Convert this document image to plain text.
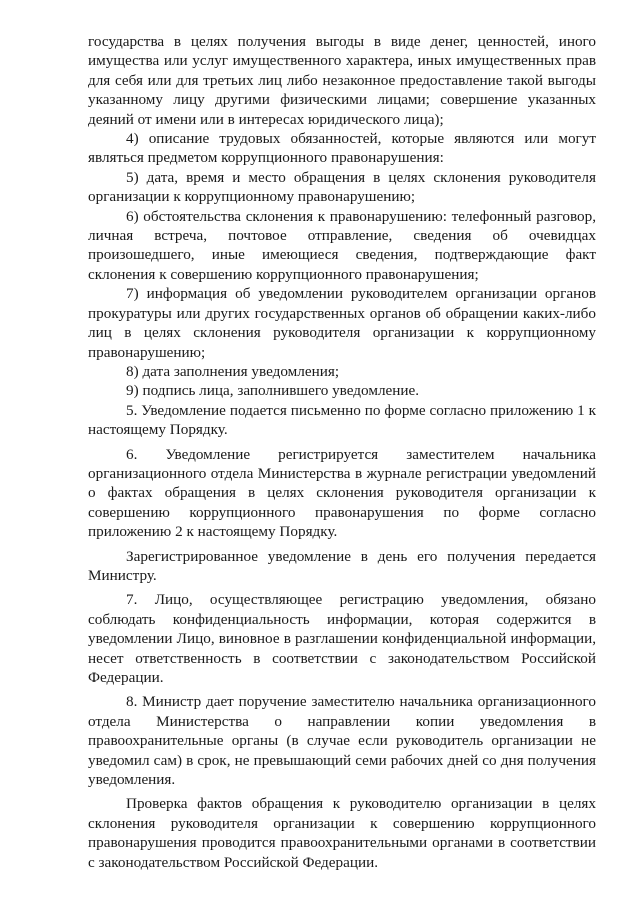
государства в целях получения выгоды в виде денег, ценностей, иного имущества или услуг имущественного характера, иных имущественных прав для себя или для третьих лиц либо незаконное предоставление такой выгоды указанному лицу другими физическими лицами; совершение указанных деяний от имени или в интересах юридического лица);

4) описание трудовых обязанностей, которые являются или могут являться предметом коррупционного правонарушения:

5) дата, время и место обращения в целях склонения руководителя организации к коррупционному правонарушению;

6) обстоятельства склонения к правонарушению: телефонный разговор, личная встреча, почтовое отправление, сведения об очевидцах произошедшего, иные имеющиеся сведения, подтверждающие факт склонения к совершению коррупционного правонарушения;

7) информация об уведомлении руководителем организации органов прокуратуры или других государственных органов об обращении каких-либо лиц в целях склонения руководителя организации к коррупционному правонарушению;

8) дата заполнения уведомления;

9) подпись лица, заполнившего уведомление.

5. Уведомление подается письменно по форме согласно приложению 1 к настоящему Порядку.

6. Уведомление регистрируется заместителем начальника организационного отдела Министерства в журнале регистрации уведомлений о фактах обращения в целях склонения руководителя организации к совершению коррупционного правонарушения по форме согласно приложению 2 к настоящему Порядку.

Зарегистрированное уведомление в день его получения передается Министру.

7. Лицо, осуществляющее регистрацию уведомления, обязано соблюдать конфиденциальность информации, которая содержится в уведомлении Лицо, виновное в разглашении конфиденциальной информации, несет ответственность в соответствии с законодательством Российской Федерации.

8. Министр дает поручение заместителю начальника организационного отдела Министерства о направлении копии уведомления в правоохранительные органы (в случае если руководитель организации не уведомил сам) в срок, не превышающий семи рабочих дней со дня получения уведомления.

Проверка фактов обращения к руководителю организации в целях склонения руководителя организации к совершению коррупционного правонарушения проводится правоохранительными органами в соответствии с законодательством Российской Федерации.
